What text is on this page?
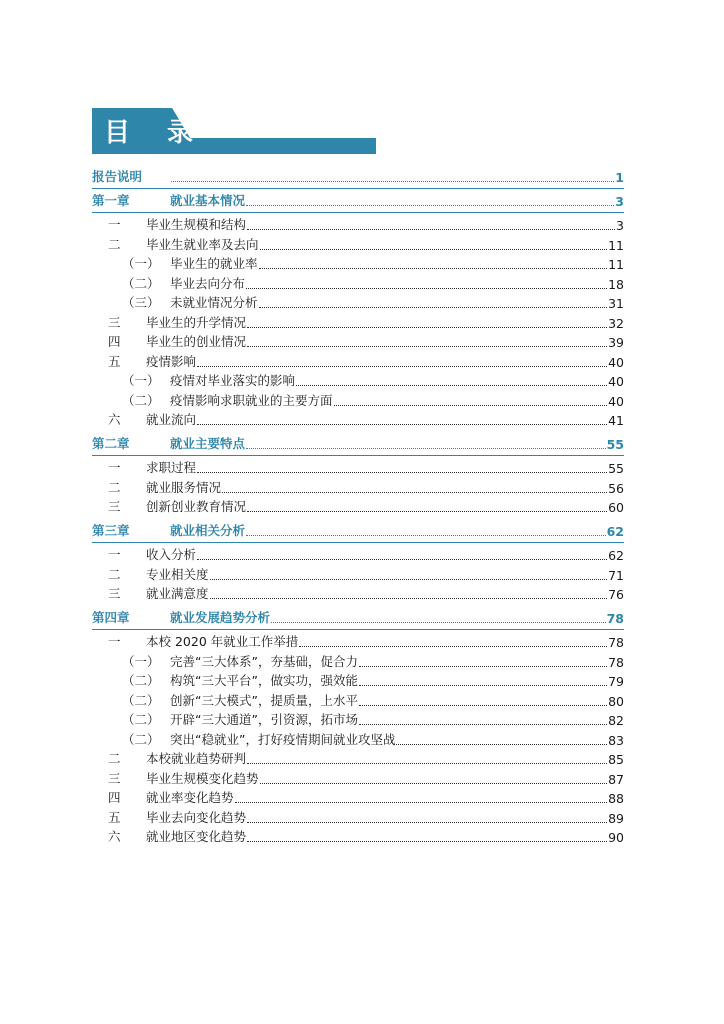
目 录
报告说明	1
第一章	就业基本情况	3
一	毕业生规模和结构	3
二	毕业生就业率及去向	11
（一） 毕业生的就业率	11
（二） 毕业去向分布	18
（三） 未就业情况分析	31
三	毕业生的升学情况	32
四	毕业生的创业情况	39
五	疫情影响	40
（一） 疫情对毕业落实的影响	40
（二） 疫情影响求职就业的主要方面	40
六	就业流向	41
第二章	就业主要特点	55
一	求职过程	55
二	就业服务情况	56
三	创新创业教育情况	60
第三章	就业相关分析	62
一	收入分析	62
二	专业相关度	71
三	就业满意度	76
第四章	就业发展趋势分析	78
一	本校 2020 年就业工作举措	78
（一） 完善“三大体系”，夯基础，促合力	78
（二） 构筑“三大平台”，做实功，强效能	79
（二） 创新“三大模式”，提质量，上水平	80
（二） 开辟“三大通道”，引资源，拓市场	82
（二） 突出“稳就业”，打好疫情期间就业攻坚战	83
二	本校就业趋势研判	85
三	毕业生规模变化趋势	87
四	就业率变化趋势	88
五	毕业去向变化趋势	89
六	就业地区变化趋势	90
